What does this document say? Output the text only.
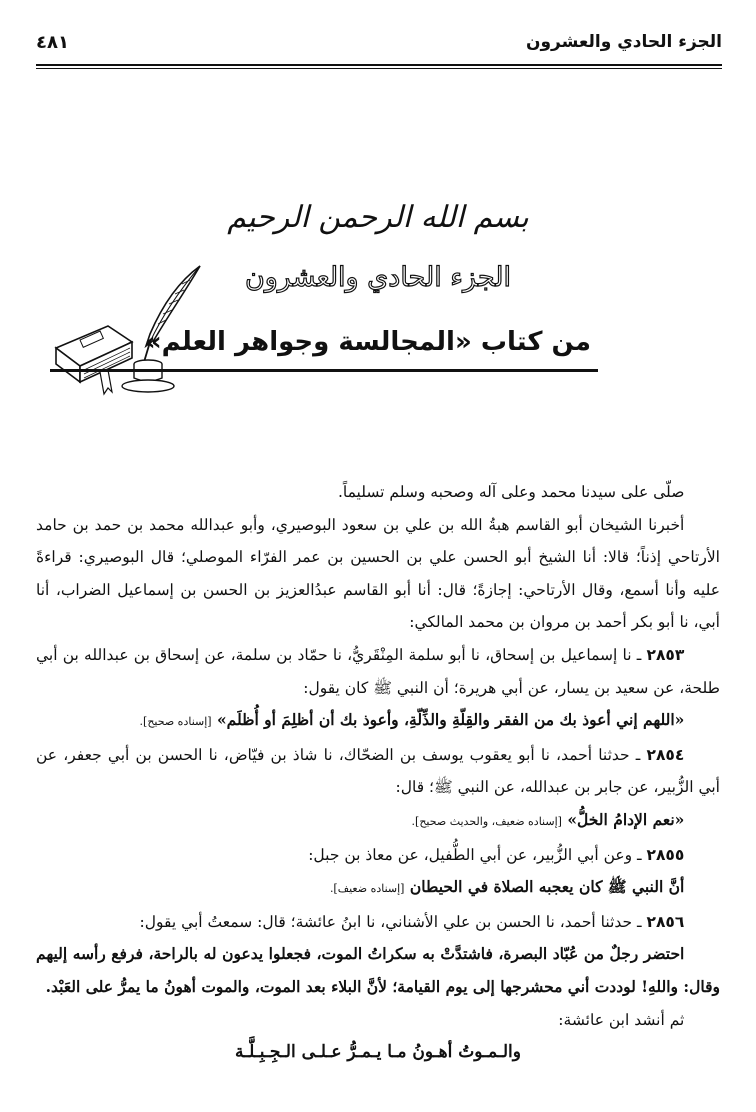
الجزء الحادي والعشرون
٤٨١
بسم الله الرحمن الرحيم
الجزء الحادي والعشرون
من كتاب «المجالسة وجواهر العلم»

صلّى على سيدنا محمد وعلى آله وصحبه وسلم تسليماً.

أخبرنا الشيخان أبو القاسم هبةُ الله بن علي بن سعود البوصيري، وأبو عبدالله محمد بن حمد بن حامد الأرتاحي إذناً؛ قالا: أنا الشيخ أبو الحسن علي بن الحسين بن عمر الفرّاء الموصلي؛ قال البوصيري: قراءةً عليه وأنا أسمع، وقال الأرتاحي: إجازةً؛ قال: أنا أبو القاسم عبدُالعزيز بن الحسن بن إسماعيل الضراب، أنا أبي، نا أبو بكر أحمد بن مروان بن محمد المالكي:

٢٨٥٣ ـ نا إسماعيل بن إسحاق، نا أبو سلمة المِنْقَريُّ، نا حمّاد بن سلمة، عن إسحاق بن عبدالله بن أبي طلحة، عن سعيد بن يسار، عن أبي هريرة؛ أن النبي ﷺ كان يقول:

«اللهم إني أعوذ بك من الفقر والقِلّةِ والذِّلّةِ، وأعوذ بك أن أظلِمَ أو أُظلَم» [إسناده صحيح].

٢٨٥٤ ـ حدثنا أحمد، نا أبو يعقوب يوسف بن الضحّاك، نا شاذ بن فيّاض، نا الحسن بن أبي جعفر، عن أبي الزُّبير، عن جابر بن عبدالله، عن النبي ﷺ؛ قال:

«نعم الإدامُ الخلُّ» [إسناده ضعيف، والحديث صحيح].

٢٨٥٥ ـ وعن أبي الزُّبير، عن أبي الطُّفيل، عن معاذ بن جبل:

أنَّ النبي ﷺ كان يعجبه الصلاة في الحيطان [إسناده ضعيف].

٢٨٥٦ ـ حدثنا أحمد، نا الحسن بن علي الأشناني، نا ابنُ عائشة؛ قال: سمعتُ أبي يقول:

احتضر رجلٌ من عُبّاد البصرة، فاشتدَّتْ به سكراتُ الموت، فجعلوا يدعون له بالراحة، فرفع رأسه إليهم وقال: واللهِ! لوددت أني محشرجها إلى يوم القيامة؛ لأنَّ البلاء بعد الموت، والموت أهونُ ما يمرُّ على العَبْد.

ثم أنشد ابن عائشة:

والـمـوتُ أهـونُ مـا يـمـرُّ عـلـى الـجِـبِـلَّـة
